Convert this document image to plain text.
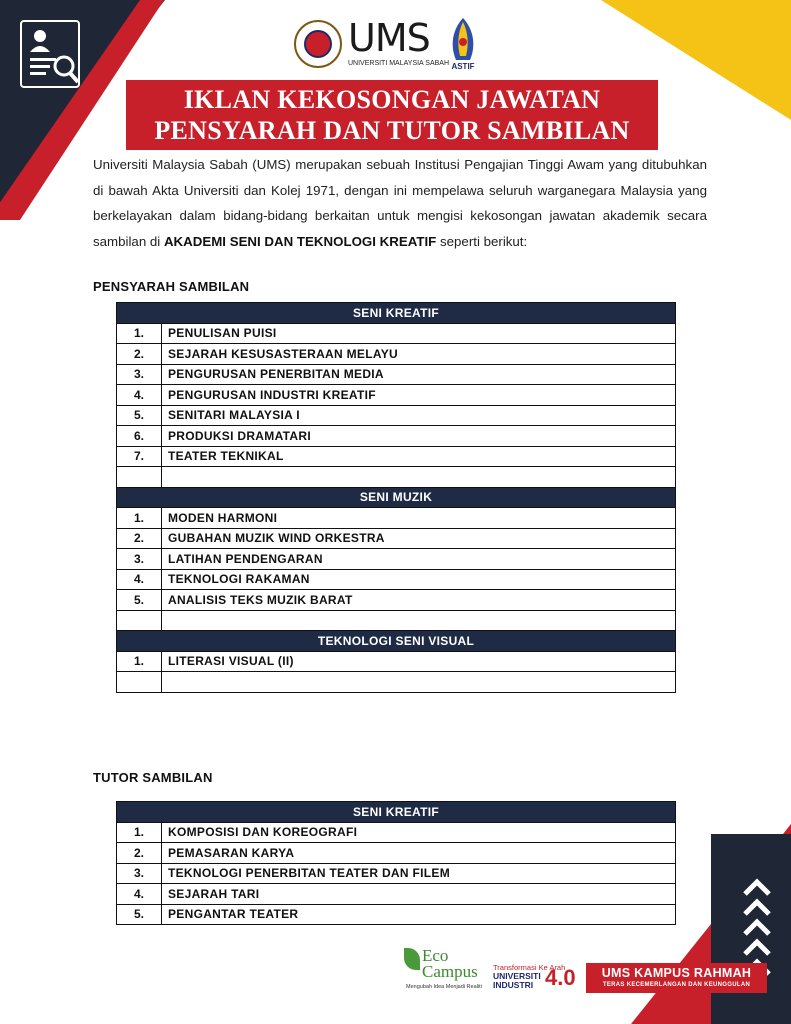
UMS
UNIVERSITI MALAYSIA SABAH ASTIF
IKLAN KEKOSONGAN JAWATAN
PENSYARAH DAN TUTOR SAMBILAN
Universiti Malaysia Sabah (UMS) merupakan sebuah Institusi Pengajian Tinggi Awam yang ditubuhkan di bawah Akta Universiti dan Kolej 1971, dengan ini mempelawa seluruh warganegara Malaysia yang berkelayakan dalam bidang-bidang berkaitan untuk mengisi kekosongan jawatan akademik secara sambilan di AKADEMI SENI DAN TEKNOLOGI KREATIF seperti berikut:
PENSYARAH SAMBILAN
SENI KREATIF	
1.	PENULISAN PUISI
2.	SEJARAH KESUSASTERAAN MELAYU
3.	PENGURUSAN PENERBITAN MEDIA
4.	PENGURUSAN INDUSTRI KREATIF
5.	SENITARI MALAYSIA I
6.	PRODUKSI DRAMATARI
7.	TEATER TEKNIKAL

SENI MUZIK	
1.	MODEN HARMONI
2.	GUBAHAN MUZIK WIND ORKESTRA
3.	LATIHAN PENDENGARAN
4.	TEKNOLOGI RAKAMAN
5.	ANALISIS TEKS MUZIK BARAT

TEKNOLOGI SENI VISUAL	
1.	LITERASI VISUAL (II)

TUTOR SAMBILAN
SENI KREATIF	
1.	KOMPOSISI DAN KOREOGRAFI
2.	PEMASARAN KARYA
3.	TEKNOLOGI PENERBITAN TEATER DAN FILEM
4.	SEJARAH TARI
5.	PENGANTAR TEATER
Eco
Campus
Mengubah Idea Menjadi Realiti
Transformasi Ke Arah
UNIVERSITI
INDUSTRI 4.0	UMS KAMPUS RAHMAH
TERAS KECEMERLANGAN DAN KEUNGGULAN
